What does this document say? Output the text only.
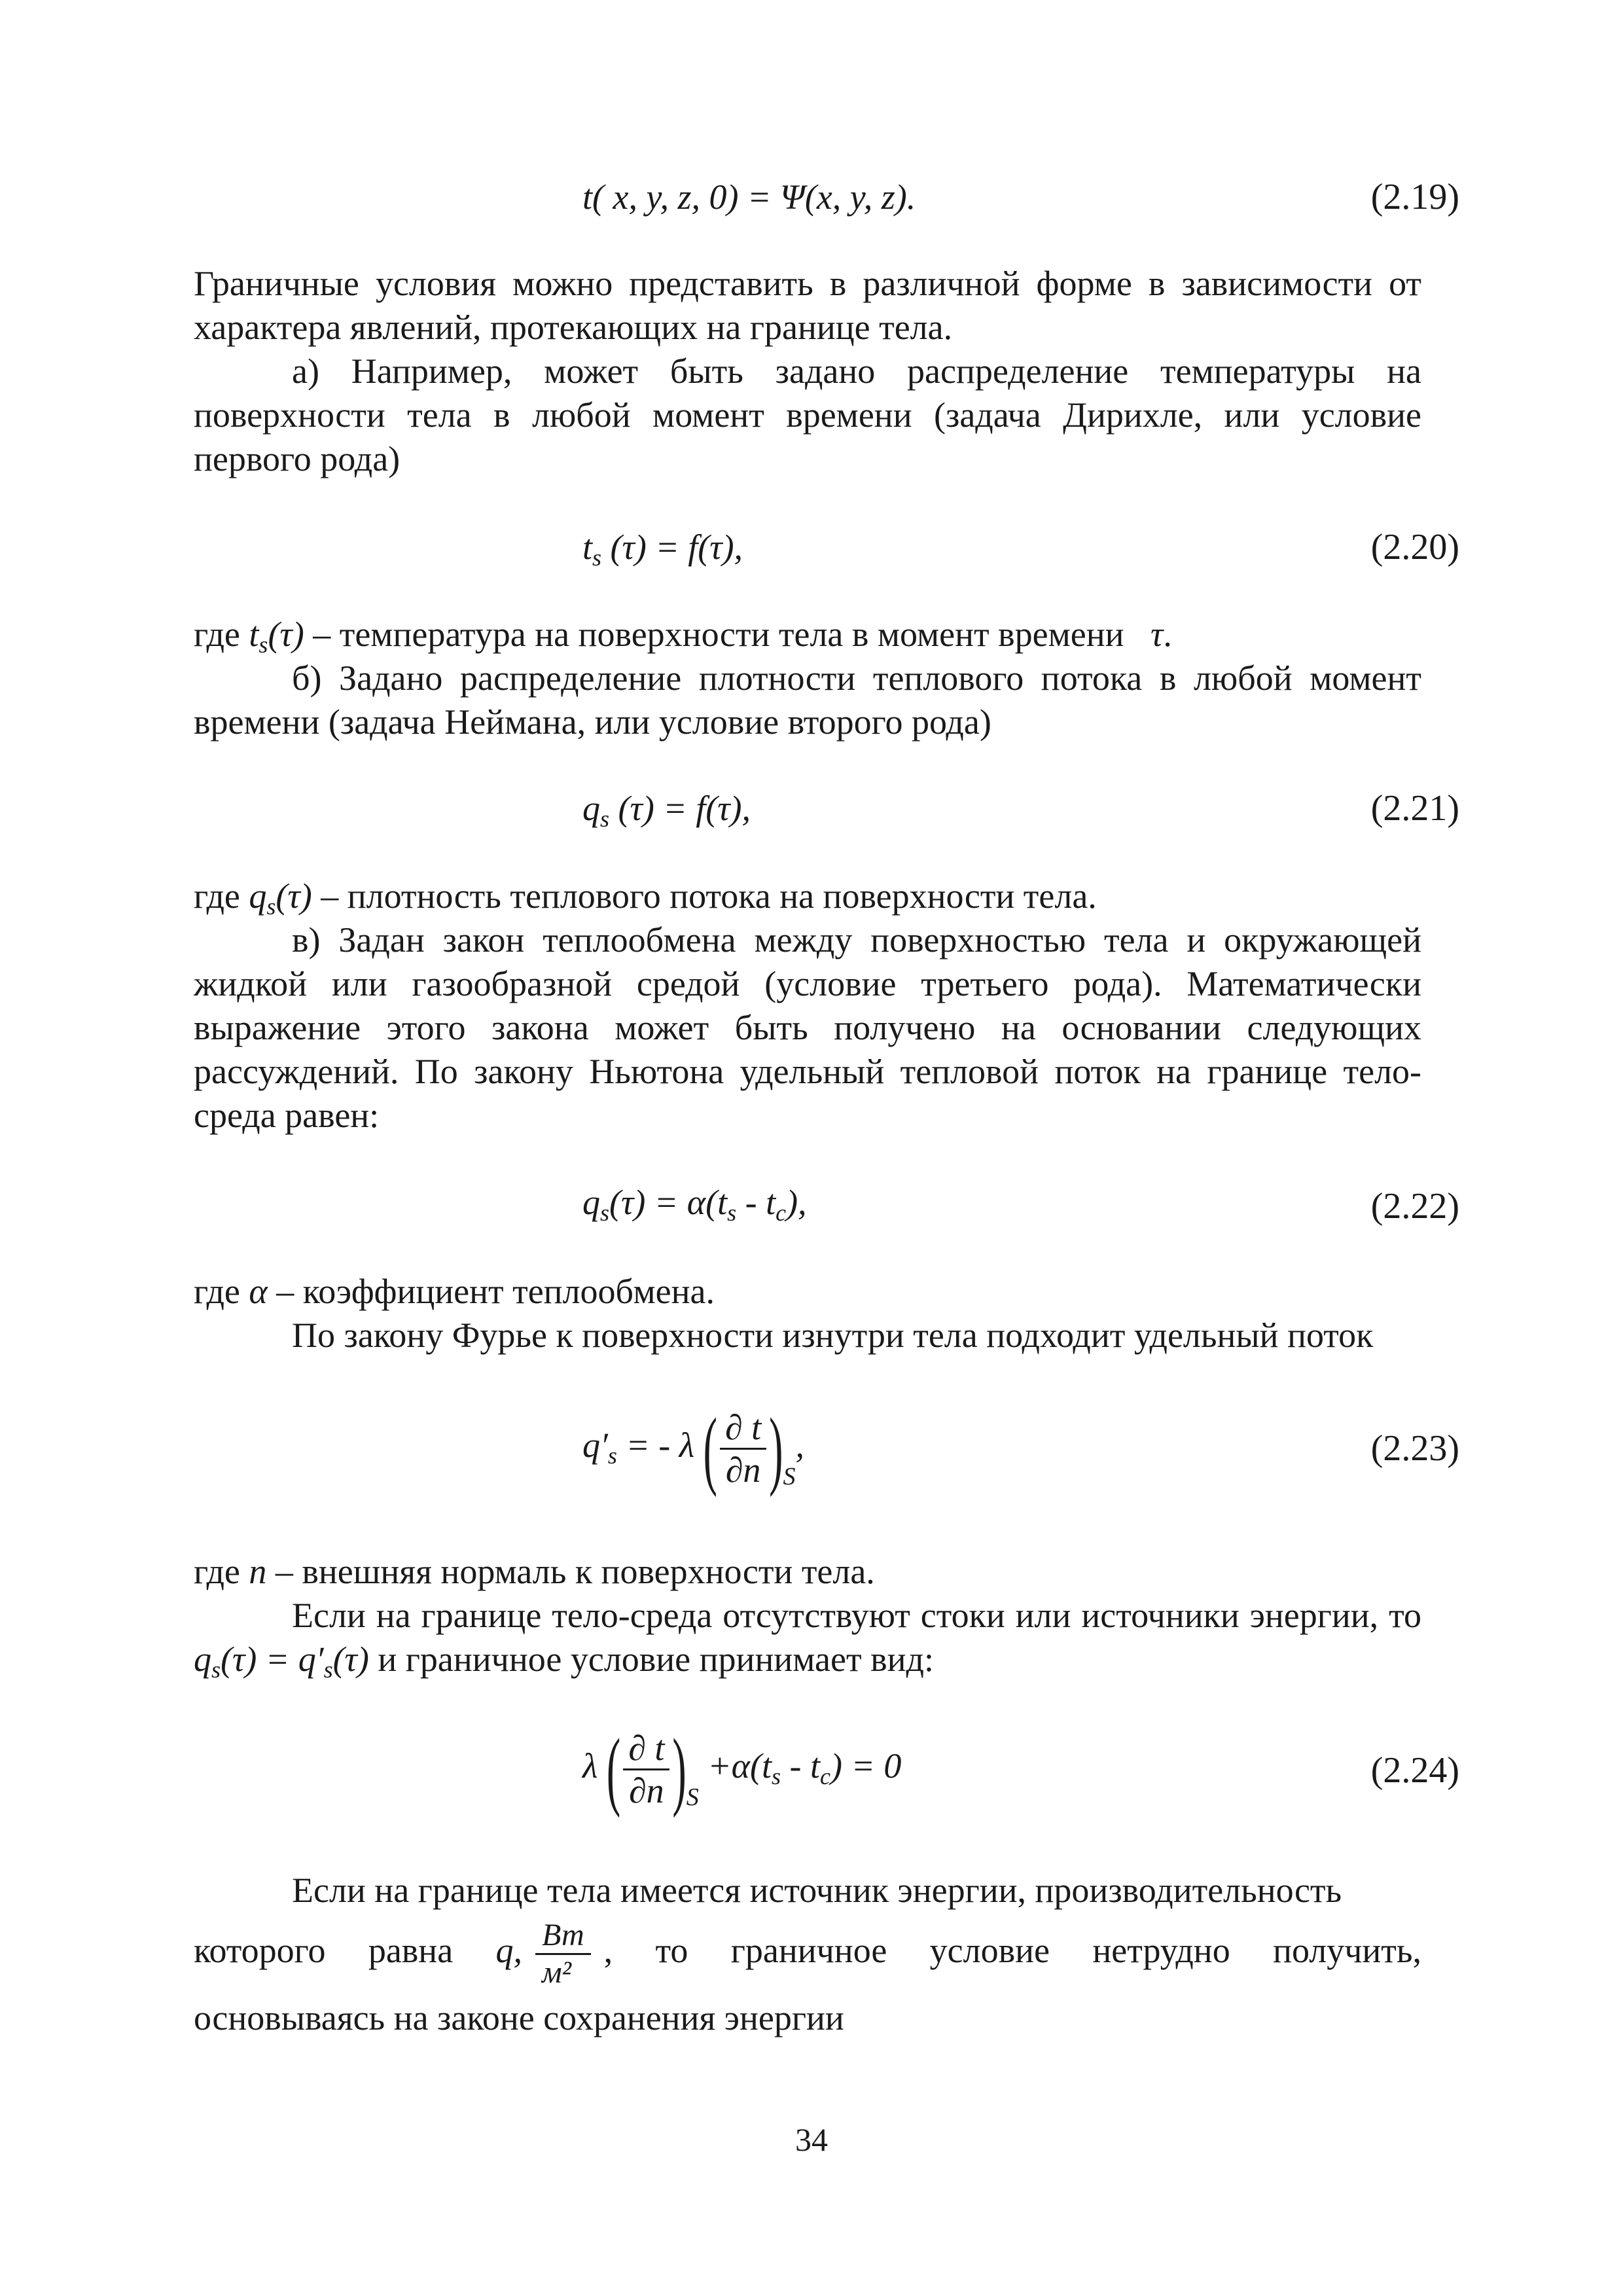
t( x, y, z, 0) = Ψ(x, y, z).	(2.19)

Граничные условия можно представить в различной форме в зависимости от характера явлений, протекающих на границе тела.

а) Например, может быть задано распределение температуры на поверхности тела в любой момент времени (задача Дирихле, или условие первого рода)

$t_s$ (τ) = f(τ),	(2.20)

где $t_s(\tau)$ – температура на поверхности тела в момент времени   τ.

б) Задано распределение плотности теплового потока в любой момент времени (задача Неймана, или условие второго рода)

$q_s$ (τ) = f(τ),	(2.21)

где $q_s(\tau)$ – плотность теплового потока на поверхности тела.

в) Задан закон теплообмена между поверхностью тела и окружающей жидкой или газообразной средой (условие третьего рода). Математически выражение этого закона может быть получено на основании следующих рассуждений. По закону Ньютона удельный тепловой поток на границе тело-среда равен:

$q_s(\tau) = \alpha(t_s - t_c)$,	(2.22)

где α – коэффициент теплообмена.

По закону Фурье к поверхности изнутри тела подходит удельный поток

$q'_s$ = - λ ( $\frac{\partial t}{\partial n} )_S$,	(2.23)

где n – внешняя нормаль к поверхности тела.

Если на границе тело-среда отсутствуют стоки или источники энергии, то $q_s(\tau) = q'_s(\tau)$ и граничное условие принимает вид:

λ ( $\frac{\partial t}{\partial n} )_S +\alpha(t_s - t_c) = 0$	(2.24)

Если на границе тела имеется источник энергии, производительность

которого равна q, $\frac{Вт}{\text{м²}}$ , то граничное условие нетрудно получить,

основываясь на законе сохранения энергии

34
